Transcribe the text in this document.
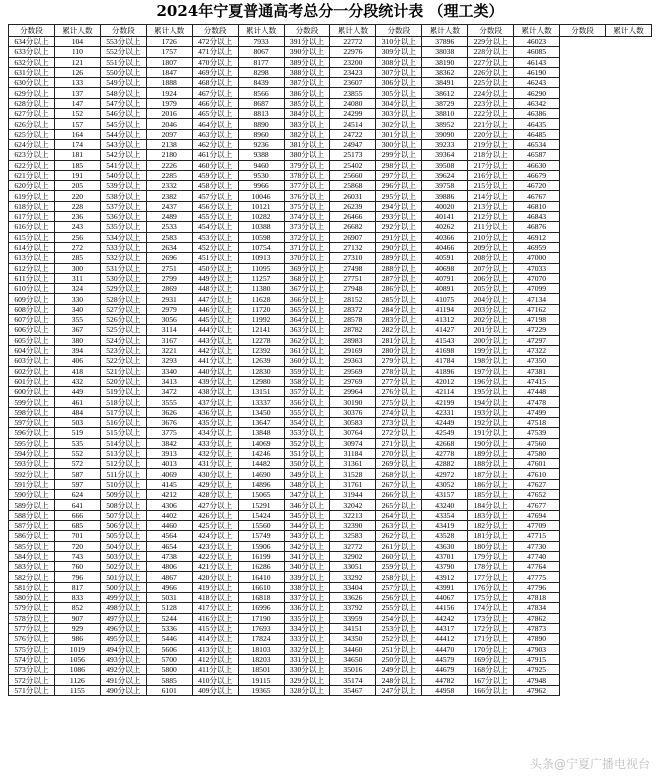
2024年宁夏普通高考总分一分段统计表 （理工类）
分数段	累计人数	分数段	累计人数	分数段	累计人数	分数段	累计人数	分数段	累计人数	分数段	累计人数	分数段	累计人数
634分以上	104	553分以上	1726	472分以上	7933	391分以上	22772	310分以上	37896	229分以上	46023		
633分以上	110	552分以上	1757	471分以上	8067	390分以上	22976	309分以上	38038	228分以上	46085		
632分以上	121	551分以上	1807	470分以上	8177	389分以上	23200	308分以上	38190	227分以上	46143		
631分以上	126	550分以上	1847	469分以上	8298	388分以上	23423	307分以上	38362	226分以上	46190		
630分以上	133	549分以上	1888	468分以上	8439	387分以上	23607	306分以上	38491	225分以上	46243		
629分以上	137	548分以上	1924	467分以上	8566	386分以上	23855	305分以上	38612	224分以上	46290		
628分以上	147	547分以上	1979	466分以上	8687	385分以上	24080	304分以上	38729	223分以上	46342		
627分以上	152	546分以上	2016	465分以上	8813	384分以上	24299	303分以上	38810	222分以上	46386		
626分以上	157	545分以上	2046	464分以上	8890	383分以上	24514	302分以上	38952	221分以上	46435		
625分以上	164	544分以上	2097	463分以上	8960	382分以上	24722	301分以上	39090	220分以上	46485		
624分以上	174	543分以上	2138	462分以上	9236	381分以上	24947	300分以上	39233	219分以上	46534		
623分以上	181	542分以上	2180	461分以上	9388	380分以上	25173	299分以上	39364	218分以上	46587		
622分以上	185	541分以上	2226	460分以上	9460	379分以上	25402	298分以上	39508	217分以上	46630		
621分以上	191	540分以上	2285	459分以上	9530	378分以上	25660	297分以上	39624	216分以上	46679		
620分以上	205	539分以上	2332	458分以上	9966	377分以上	25868	296分以上	39758	215分以上	46720		
619分以上	220	538分以上	2382	457分以上	10046	376分以上	26031	295分以上	39886	214分以上	46767		
618分以上	228	537分以上	2437	456分以上	10121	375分以上	26239	294分以上	40020	213分以上	46810		
617分以上	236	536分以上	2489	455分以上	10282	374分以上	26466	293分以上	40141	212分以上	46843		
616分以上	243	535分以上	2533	454分以上	10388	373分以上	26682	292分以上	40262	211分以上	46876		
615分以上	256	534分以上	2583	453分以上	10598	372分以上	26907	291分以上	40366	210分以上	46912		
614分以上	272	533分以上	2634	452分以上	10754	371分以上	27132	290分以上	40466	209分以上	46959		
613分以上	285	532分以上	2696	451分以上	10913	370分以上	27310	289分以上	40591	208分以上	47000		
612分以上	300	531分以上	2751	450分以上	11095	369分以上	27498	288分以上	40698	207分以上	47033		
611分以上	311	530分以上	2799	449分以上	11257	368分以上	27751	287分以上	40791	206分以上	47070		
610分以上	324	529分以上	2869	448分以上	11380	367分以上	27948	286分以上	40891	205分以上	47099		
609分以上	330	528分以上	2931	447分以上	11628	366分以上	28152	285分以上	41075	204分以上	47134		
608分以上	340	527分以上	2979	446分以上	11720	365分以上	28372	284分以上	41194	203分以上	47162		
607分以上	355	526分以上	3056	445分以上	11992	364分以上	28578	283分以上	41312	202分以上	47198		
606分以上	367	525分以上	3114	444分以上	12141	363分以上	28782	282分以上	41427	201分以上	47229		
605分以上	380	524分以上	3167	443分以上	12278	362分以上	28983	281分以上	41543	200分以上	47297		
604分以上	394	523分以上	3221	442分以上	12392	361分以上	29169	280分以上	41698	199分以上	47322		
603分以上	406	522分以上	3293	441分以上	12639	360分以上	29363	279分以上	41784	198分以上	47350		
602分以上	418	521分以上	3340	440分以上	12830	359分以上	29569	278分以上	41896	197分以上	47381		
601分以上	432	520分以上	3413	439分以上	12980	358分以上	29769	277分以上	42012	196分以上	47415		
600分以上	449	519分以上	3472	438分以上	13151	357分以上	29964	276分以上	42114	195分以上	47448		
599分以上	461	518分以上	3555	437分以上	13337	356分以上	30190	275分以上	42199	194分以上	47478		
598分以上	484	517分以上	3626	436分以上	13450	355分以上	30376	274分以上	42331	193分以上	47499		
597分以上	503	516分以上	3676	435分以上	13647	354分以上	30583	273分以上	42449	192分以上	47518		
596分以上	519	515分以上	3775	434分以上	13848	353分以上	30764	272分以上	42549	191分以上	47539		
595分以上	535	514分以上	3842	433分以上	14069	352分以上	30974	271分以上	42668	190分以上	47560		
594分以上	552	513分以上	3913	432分以上	14246	351分以上	31184	270分以上	42778	189分以上	47580		
593分以上	572	512分以上	4013	431分以上	14482	350分以上	31361	269分以上	42882	188分以上	47601		
592分以上	587	511分以上	4069	430分以上	14690	349分以上	31528	268分以上	42972	187分以上	47610		
591分以上	597	510分以上	4145	429分以上	14896	348分以上	31761	267分以上	43052	186分以上	47627		
590分以上	624	509分以上	4212	428分以上	15065	347分以上	31944	266分以上	43157	185分以上	47652		
589分以上	641	508分以上	4306	427分以上	15291	346分以上	32042	265分以上	43240	184分以上	47677		
588分以上	666	507分以上	4402	426分以上	15424	345分以上	32213	264分以上	43354	183分以上	47694		
587分以上	685	506分以上	4460	425分以上	15560	344分以上	32390	263分以上	43419	182分以上	47709		
586分以上	701	505分以上	4564	424分以上	15749	343分以上	32583	262分以上	43528	181分以上	47715		
585分以上	720	504分以上	4654	423分以上	15906	342分以上	32772	261分以上	43630	180分以上	47730		
584分以上	743	503分以上	4738	422分以上	16199	341分以上	32902	260分以上	43701	179分以上	47740		
583分以上	760	502分以上	4806	421分以上	16286	340分以上	33051	259分以上	43790	178分以上	47764		
582分以上	796	501分以上	4867	420分以上	16410	339分以上	33292	258分以上	43912	177分以上	47775		
581分以上	817	500分以上	4966	419分以上	16610	338分以上	33404	257分以上	43991	176分以上	47796		
580分以上	833	499分以上	5031	418分以上	16818	337分以上	33626	256分以上	44067	175分以上	47818		
579分以上	852	498分以上	5128	417分以上	16996	336分以上	33792	255分以上	44156	174分以上	47834		
578分以上	907	497分以上	5244	416分以上	17190	335分以上	33959	254分以上	44242	173分以上	47862		
577分以上	929	496分以上	5336	415分以上	17693	334分以上	34151	253分以上	44317	172分以上	47873		
576分以上	986	495分以上	5446	414分以上	17824	333分以上	34350	252分以上	44412	171分以上	47890		
575分以上	1019	494分以上	5606	413分以上	18103	332分以上	34460	251分以上	44470	170分以上	47903		
574分以上	1056	493分以上	5700	412分以上	18203	331分以上	34650	250分以上	44579	169分以上	47915		
573分以上	1086	492分以上	5800	411分以上	18501	330分以上	35016	249分以上	44679	168分以上	47925		
572分以上	1126	491分以上	5885	410分以上	19115	329分以上	35174	248分以上	44782	167分以上	47948		
571分以上	1155	490分以上	6101	409分以上	19365	328分以上	35467	247分以上	44958	166分以上	47962		
头条@宁夏广播电视台
